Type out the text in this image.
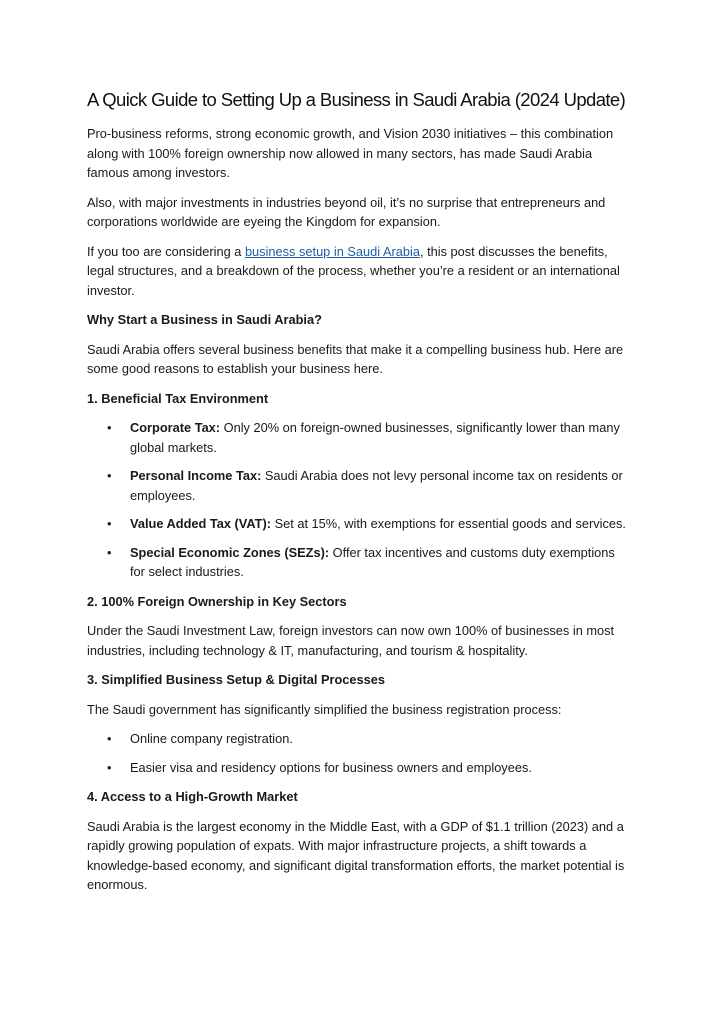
A Quick Guide to Setting Up a Business in Saudi Arabia (2024 Update)

Pro-business reforms, strong economic growth, and Vision 2030 initiatives – this combination along with 100% foreign ownership now allowed in many sectors, has made Saudi Arabia famous among investors.

Also, with major investments in industries beyond oil, it’s no surprise that entrepreneurs and corporations worldwide are eyeing the Kingdom for expansion.

If you too are considering a business setup in Saudi Arabia, this post discusses the benefits, legal structures, and a breakdown of the process, whether you’re a resident or an international investor.

Why Start a Business in Saudi Arabia?

Saudi Arabia offers several business benefits that make it a compelling business hub. Here are some good reasons to establish your business here.

1. Beneficial Tax Environment

• Corporate Tax: Only 20% on foreign-owned businesses, significantly lower than many global markets.
• Personal Income Tax: Saudi Arabia does not levy personal income tax on residents or employees.
• Value Added Tax (VAT): Set at 15%, with exemptions for essential goods and services.
• Special Economic Zones (SEZs): Offer tax incentives and customs duty exemptions for select industries.

2. 100% Foreign Ownership in Key Sectors

Under the Saudi Investment Law, foreign investors can now own 100% of businesses in most industries, including technology & IT, manufacturing, and tourism & hospitality.

3. Simplified Business Setup & Digital Processes

The Saudi government has significantly simplified the business registration process:

• Online company registration.
• Easier visa and residency options for business owners and employees.

4. Access to a High-Growth Market

Saudi Arabia is the largest economy in the Middle East, with a GDP of $1.1 trillion (2023) and a rapidly growing population of expats. With major infrastructure projects, a shift towards a knowledge-based economy, and significant digital transformation efforts, the market potential is enormous.
